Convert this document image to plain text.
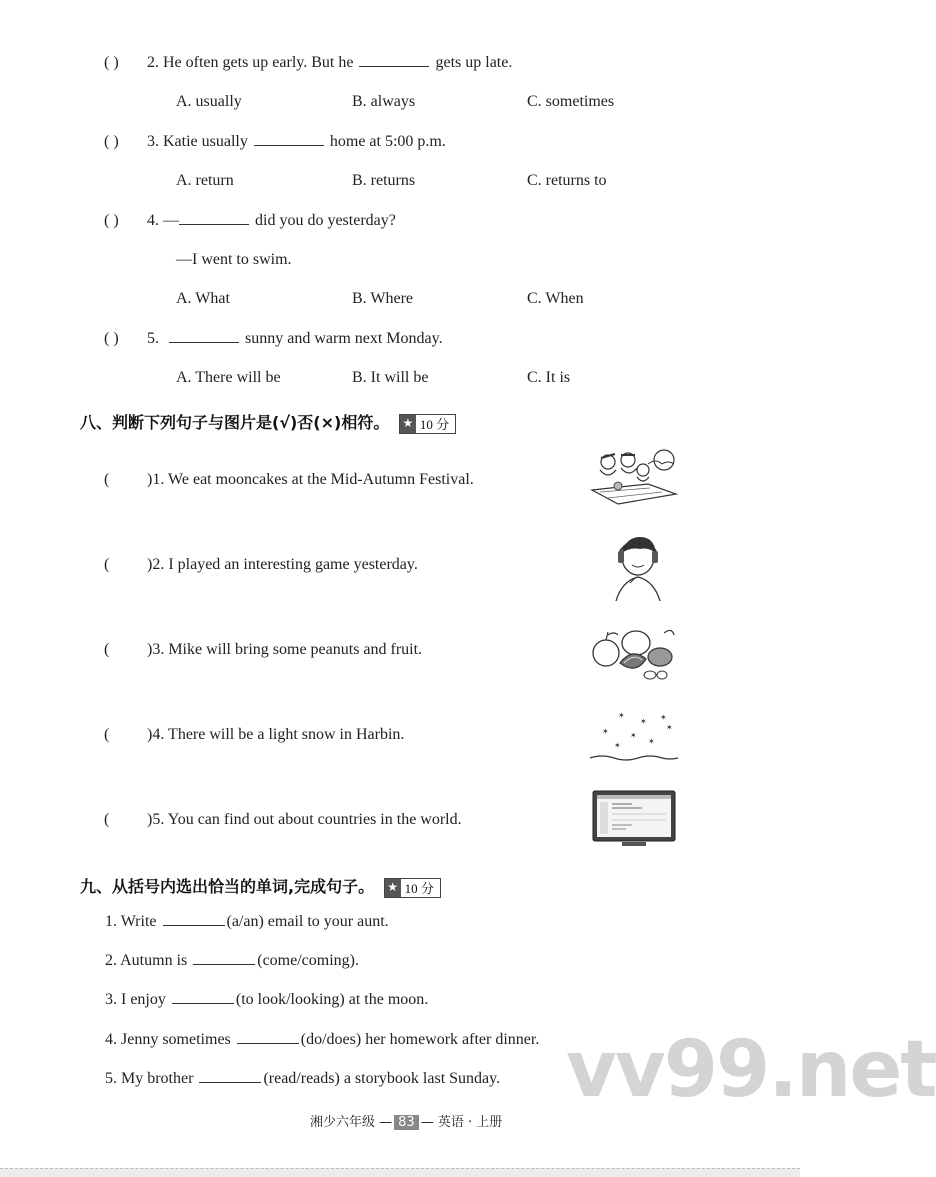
( ) 2. He often gets up early. But he	gets up late.
A. usually	B. always	C. sometimes
( ) 3. Katie usually	home at 5:00 p.m.
A. return	B. returns	C. returns to
( ) 4. —	did you do yesterday?
—I went to swim.
A. What	B. Where	C. When
( ) 5.	sunny and warm next Monday.
A. There will be	B. It will be	C. It is
八、判断下列句子与图片是(√)否(×)相符。 ★ 10 分
( )1. We eat mooncakes at the Mid-Autumn Festival.
( )2. I played an interesting game yesterday.
( )3. Mike will bring some peanuts and fruit.
( )4. There will be a light snow in Harbin.
( )5. You can find out about countries in the world.
✶
✶ ✶
✶	✶
✶
✶
✶
九、从括号内选出恰当的单词,完成句子。 ★ 10 分
1. Write	(a/an) email to your aunt.
2. Autumn is	(come/coming).
3. I enjoy	(to look/looking) at the moon.
4. Jenny sometimes	(do/does) her homework after dinner.
5. My brother	(read/reads) a storybook last Sunday. vv99.net
湘少六年级 — 83 — 英语 · 上册
